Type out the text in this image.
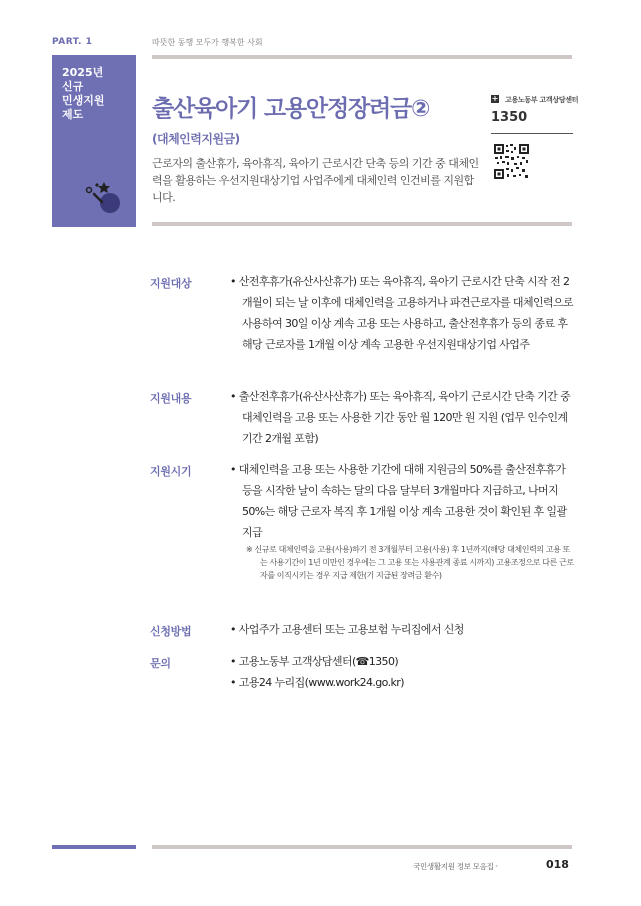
PART. 1	따뜻한 동행 모두가 행복한 사회
2025년
신규
민생지원
제도	출산육아기 고용안정장려금②
(대체인력지원금)
근로자의 출산휴가, 육아휴직, 육아기 근로시간 단축 등의 기간 중 대체인력을 활용하는 우선지원대상기업 사업주에게 대체인력 인건비를 지원합니다.
+ 고용노동부 고객상담센터
1350
지원대상	• 산전후휴가(유산사산휴가) 또는 육아휴직, 육아기 근로시간 단축 시작 전 2개월이 되는 날 이후에 대체인력을 고용하거나 파견근로자를 대체인력으로 사용하여 30일 이상 계속 고용 또는 사용하고, 출산전후휴가 등의 종료 후 해당 근로자를 1개월 이상 계속 고용한 우선지원대상기업 사업주
지원내용	• 출산전후휴가(유산사산휴가) 또는 육아휴직, 육아기 근로시간 단축 기간 중 대체인력을 고용 또는 사용한 기간 동안 월 120만 원 지원 (업무 인수인계기간 2개월 포함)
지원시기	• 대체인력을 고용 또는 사용한 기간에 대해 지원금의 50%를 출산전후휴가 등을 시작한 날이 속하는 달의 다음 달부터 3개월마다 지급하고, 나머지 50%는 해당 근로자 복직 후 1개월 이상 계속 고용한 것이 확인된 후 일괄 지급
※ 신규로 대체인력을 고용(사용)하기 전 3개월부터 고용(사용) 후 1년까지(해당 대체인력의 고용 또는 사용기간이 1년 미만인 경우에는 그 고용 또는 사용관계 종료 시까지) 고용조정으로 다른 근로자를 이직시키는 경우 지급 제한(기 지급된 장려금 환수)
신청방법	• 사업주가 고용센터 또는 고용보험 누리집에서 신청
문의	• 고용노동부 고객상담센터(☎1350)
• 고용24 누리집(www.work24.go.kr)
국민생활지원 정보 모음집 ·	018
